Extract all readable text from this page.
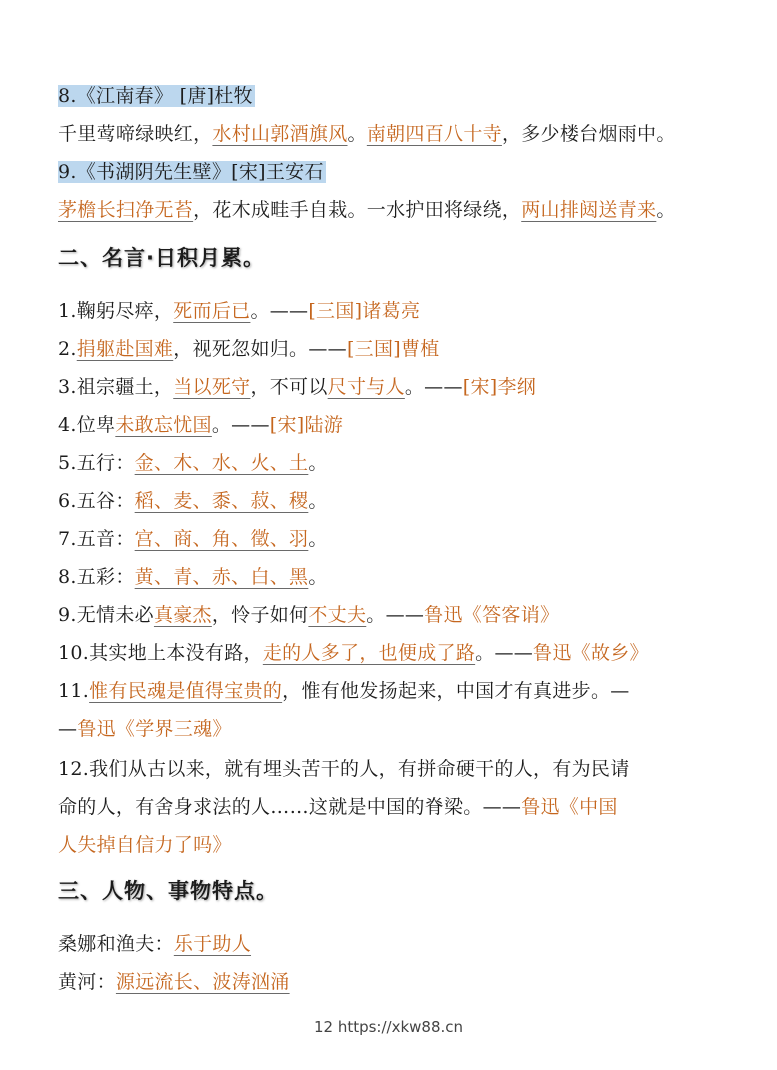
8.《江南春》 [唐]杜牧
千里莺啼绿映红，水村山郭酒旗风。南朝四百八十寺，多少楼台烟雨中。
9.《书湖阴先生壁》[宋]王安石
茅檐长扫净无苔，花木成畦手自栽。一水护田将绿绕，两山排闼送青来。
二、名言·日积月累。
1.鞠躬尽瘁，死而后已。——[三国]诸葛亮
2.捐躯赴国难，视死忽如归。——[三国]曹植
3.祖宗疆土，当以死守，不可以尺寸与人。——[宋]李纲
4.位卑未敢忘忧国。——[宋]陆游
5.五行：金、木、水、火、土。
6.五谷：稻、麦、黍、菽、稷。
7.五音：宫、商、角、徵、羽。
8.五彩：黄、青、赤、白、黑。
9.无情未必真豪杰，怜子如何不丈夫。——鲁迅《答客诮》
10.其实地上本没有路，走的人多了，也便成了路。——鲁迅《故乡》
11.惟有民魂是值得宝贵的，惟有他发扬起来，中国才有真进步。—
—鲁迅《学界三魂》
12.我们从古以来，就有埋头苦干的人，有拼命硬干的人，有为民请
命的人，有舍身求法的人……这就是中国的脊梁。——鲁迅《中国
人失掉自信力了吗》
三、人物、事物特点。
桑娜和渔夫：乐于助人
黄河：源远流长、波涛汹涌
12 https://xkw88.cn
